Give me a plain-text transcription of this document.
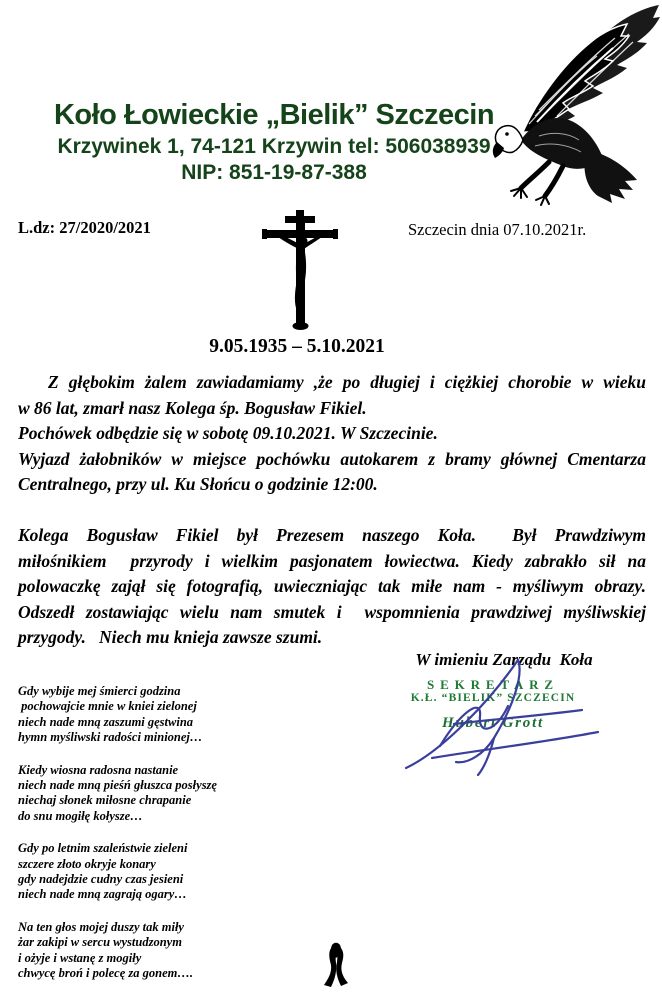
Koło Łowieckie „Bielik” Szczecin
Krzywinek 1, 74-121 Krzywin tel: 506038939
NIP: 851-19-87-388
L.dz: 27/2020/2021	Szczecin dnia 07.10.2021r.
9.05.1935 – 5.10.2021
Z głębokim żalem zawiadamiamy ,że po długiej i ciężkiej chorobie w wieku
w 86 lat, zmarł nasz Kolega śp. Bogusław Fikiel.
Pochówek odbędzie się w sobotę 09.10.2021. W Szczecinie.
Wyjazd żałobników w miejsce pochówku autokarem z bramy głównej Cmentarza
Centralnego, przy ul. Ku Słońcu o godzinie 12:00.
Kolega Bogusław Fikiel był Prezesem naszego Koła.  Był Prawdziwym
miłośnikiem  przyrody i wielkim pasjonatem łowiectwa. Kiedy zabrakło sił na
polowaczkę zajął się fotografią, uwieczniając tak miłe nam - myśliwym obrazy.
Odszedł zostawiając wielu nam smutek i  wspomnienia prawdziwej myśliwskiej
przygody.   Niech mu knieja zawsze szumi.
W imieniu Zarządu  Koła
SEKRETARZ
K.Ł. “BIELIK” SZCZECIN
Hubert Grott
Gdy wybije mej śmierci godzina
pochowajcie mnie w kniei zielonej
niech nade mną zaszumi gęstwina
hymn myśliwski radości minionej…
Kiedy wiosna radosna nastanie
niech nade mną pieśń głuszca posłyszę
niechaj słonek miłosne chrapanie
do snu mogiłę kołysze…
Gdy po letnim szaleństwie zieleni
szczere złoto okryje konary
gdy nadejdzie cudny czas jesieni
niech nade mną zagrają ogary…
Na ten głos mojej duszy tak miły
żar zakipi w sercu wystudzonym
i ożyje i wstanę z mogiły
chwycę broń i polecę za gonem….
